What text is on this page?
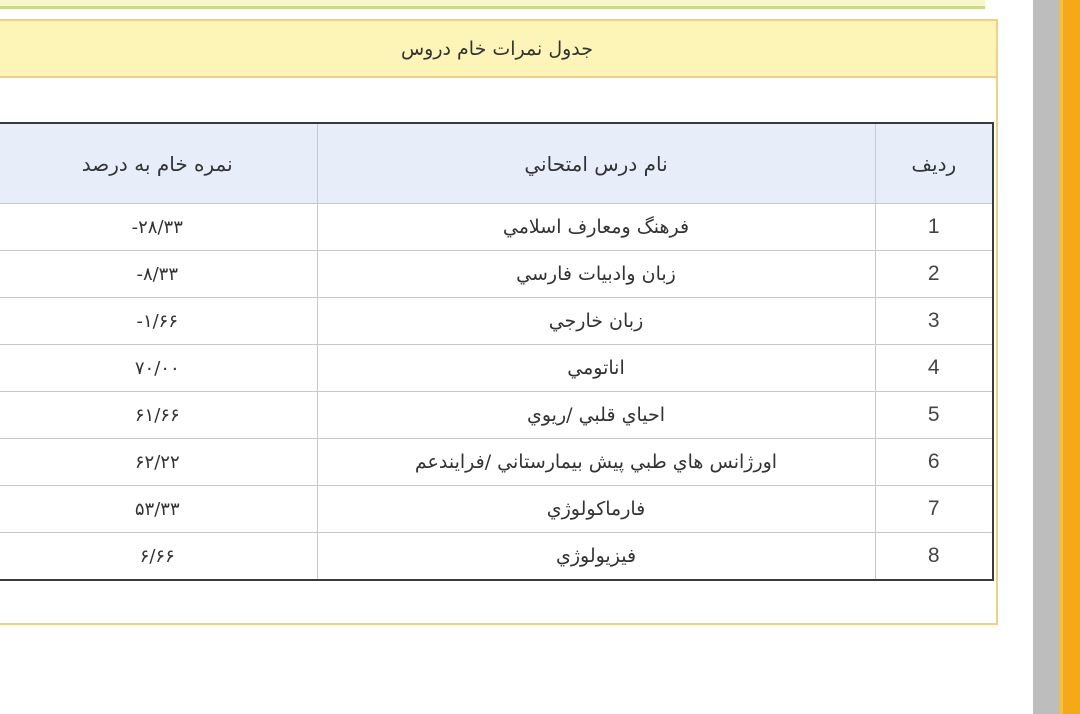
جدول نمرات خام دروس
رديف	نام درس امتحاني	نمره خام به درصد
1	فرهنگ ومعارف اسلامي	-۲۸/۳۳
2	زبان وادبيات فارسي	-۸/۳۳
3	زبان خارجي	-۱/۶۶
4	اناتومي	۷۰/۰۰
5	احياي قلبي /ريوي	۶۱/۶۶
6	اورژانس هاي طبي پيش بيمارستاني /فرايندعم	۶۲/۲۲
7	فارماكولوژي	۵۳/۳۳
8	فيزيولوژي	۶/۶۶
